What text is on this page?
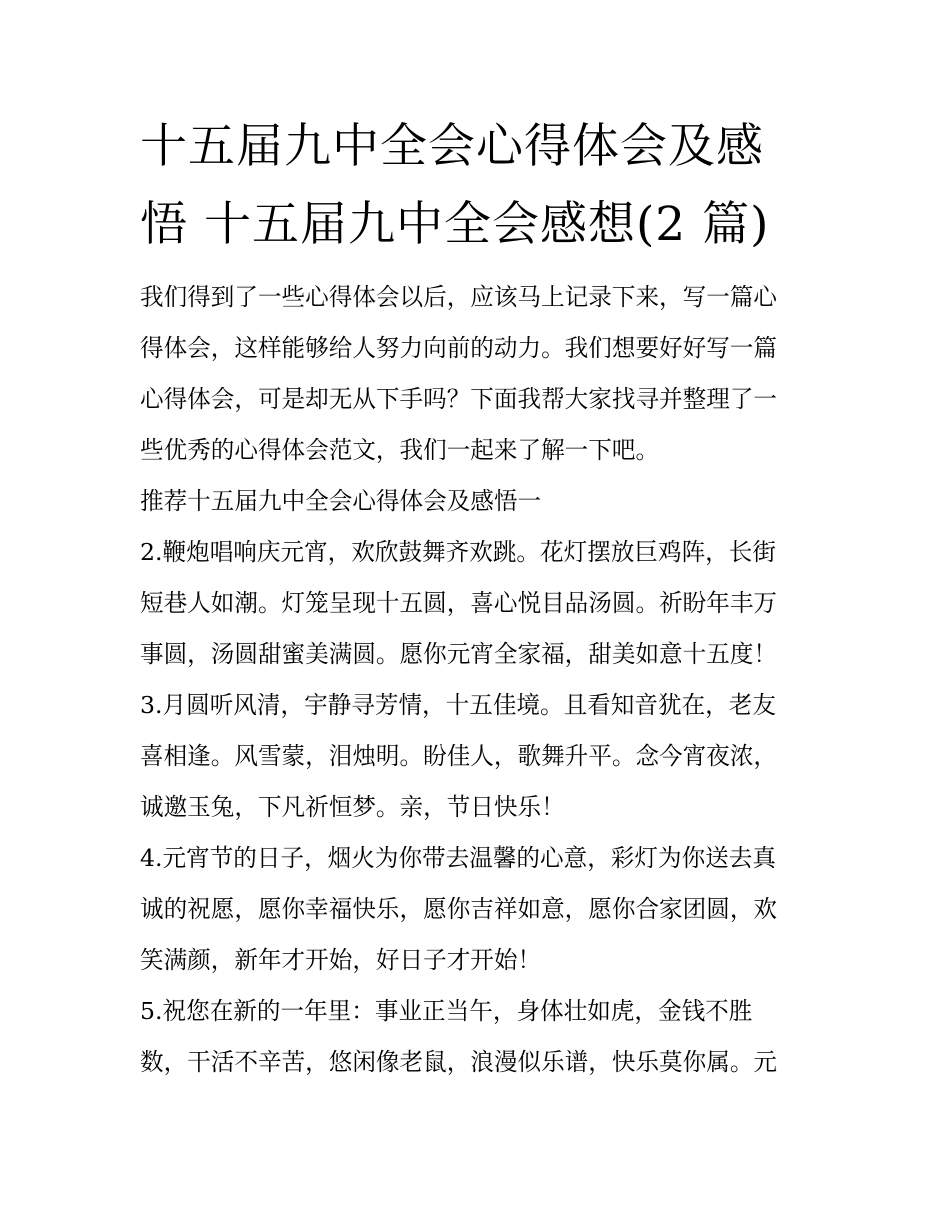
十五届九中全会心得体会及感
悟 十五届九中全会感想(2 篇)
我们得到了一些心得体会以后，应该马上记录下来，写一篇心
得体会，这样能够给人努力向前的动力。我们想要好好写一篇
心得体会，可是却无从下手吗？下面我帮大家找寻并整理了一
些优秀的心得体会范文，我们一起来了解一下吧。
推荐十五届九中全会心得体会及感悟一
2.鞭炮唱响庆元宵，欢欣鼓舞齐欢跳。花灯摆放巨鸡阵，长街
短巷人如潮。灯笼呈现十五圆，喜心悦目品汤圆。祈盼年丰万
事圆，汤圆甜蜜美满圆。愿你元宵全家福，甜美如意十五度！
3.月圆听风清，宇静寻芳情，十五佳境。且看知音犹在，老友
喜相逢。风雪蒙，泪烛明。盼佳人，歌舞升平。念今宵夜浓，
诚邀玉兔，下凡祈恒梦。亲，节日快乐！
4.元宵节的日子，烟火为你带去温馨的心意，彩灯为你送去真
诚的祝愿，愿你幸福快乐，愿你吉祥如意，愿你合家团圆，欢
笑满颜，新年才开始，好日子才开始！
5.祝您在新的一年里：事业正当午，身体壮如虎，金钱不胜
数，干活不辛苦，悠闲像老鼠，浪漫似乐谱，快乐莫你属。元
